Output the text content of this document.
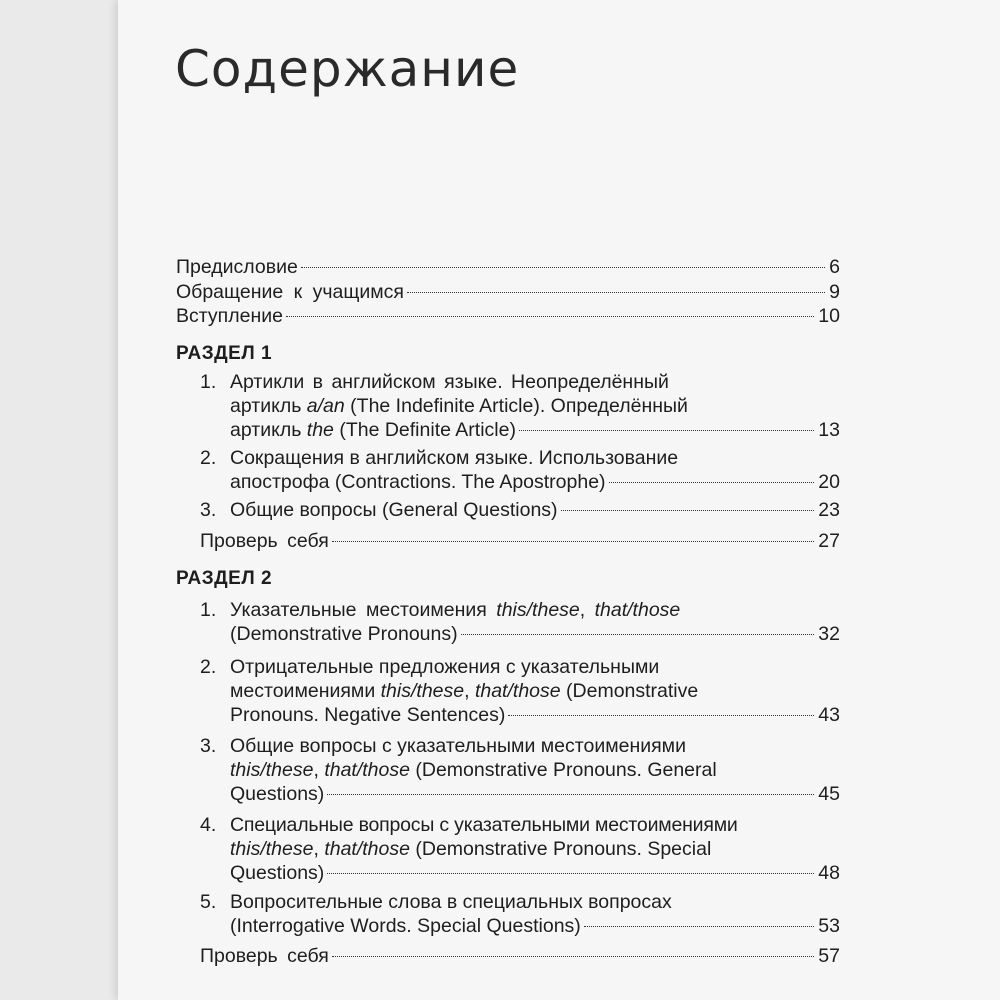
Содержание
Предисловие	6
Обращение к учащимся	9
Вступление	10
РАЗДЕЛ 1
1. Артикли в английском языке. Неопределённый
артикль a/an (The Indefinite Article). Определённый
артикль the (The Definite Article)	13
2. Сокращения в английском языке. Использование
апострофа (Contractions. The Apostrophe)	20
3. Общие вопросы (General Questions)	23
Проверь себя	27
РАЗДЕЛ 2
1. Указательные местоимения this/these, that/those
(Demonstrative Pronouns)	32
2. Отрицательные предложения с указательными
местоимениями this/these, that/those (Demonstrative
Pronouns. Negative Sentences)	43
3. Общие вопросы с указательными местоимениями
this/these, that/those (Demonstrative Pronouns. General
Questions)	45
4. Специальные вопросы с указательными местоимениями
this/these, that/those (Demonstrative Pronouns. Special
Questions)	48
5. Вопросительные слова в специальных вопросах
(Interrogative Words. Special Questions)	53
Проверь себя	57
